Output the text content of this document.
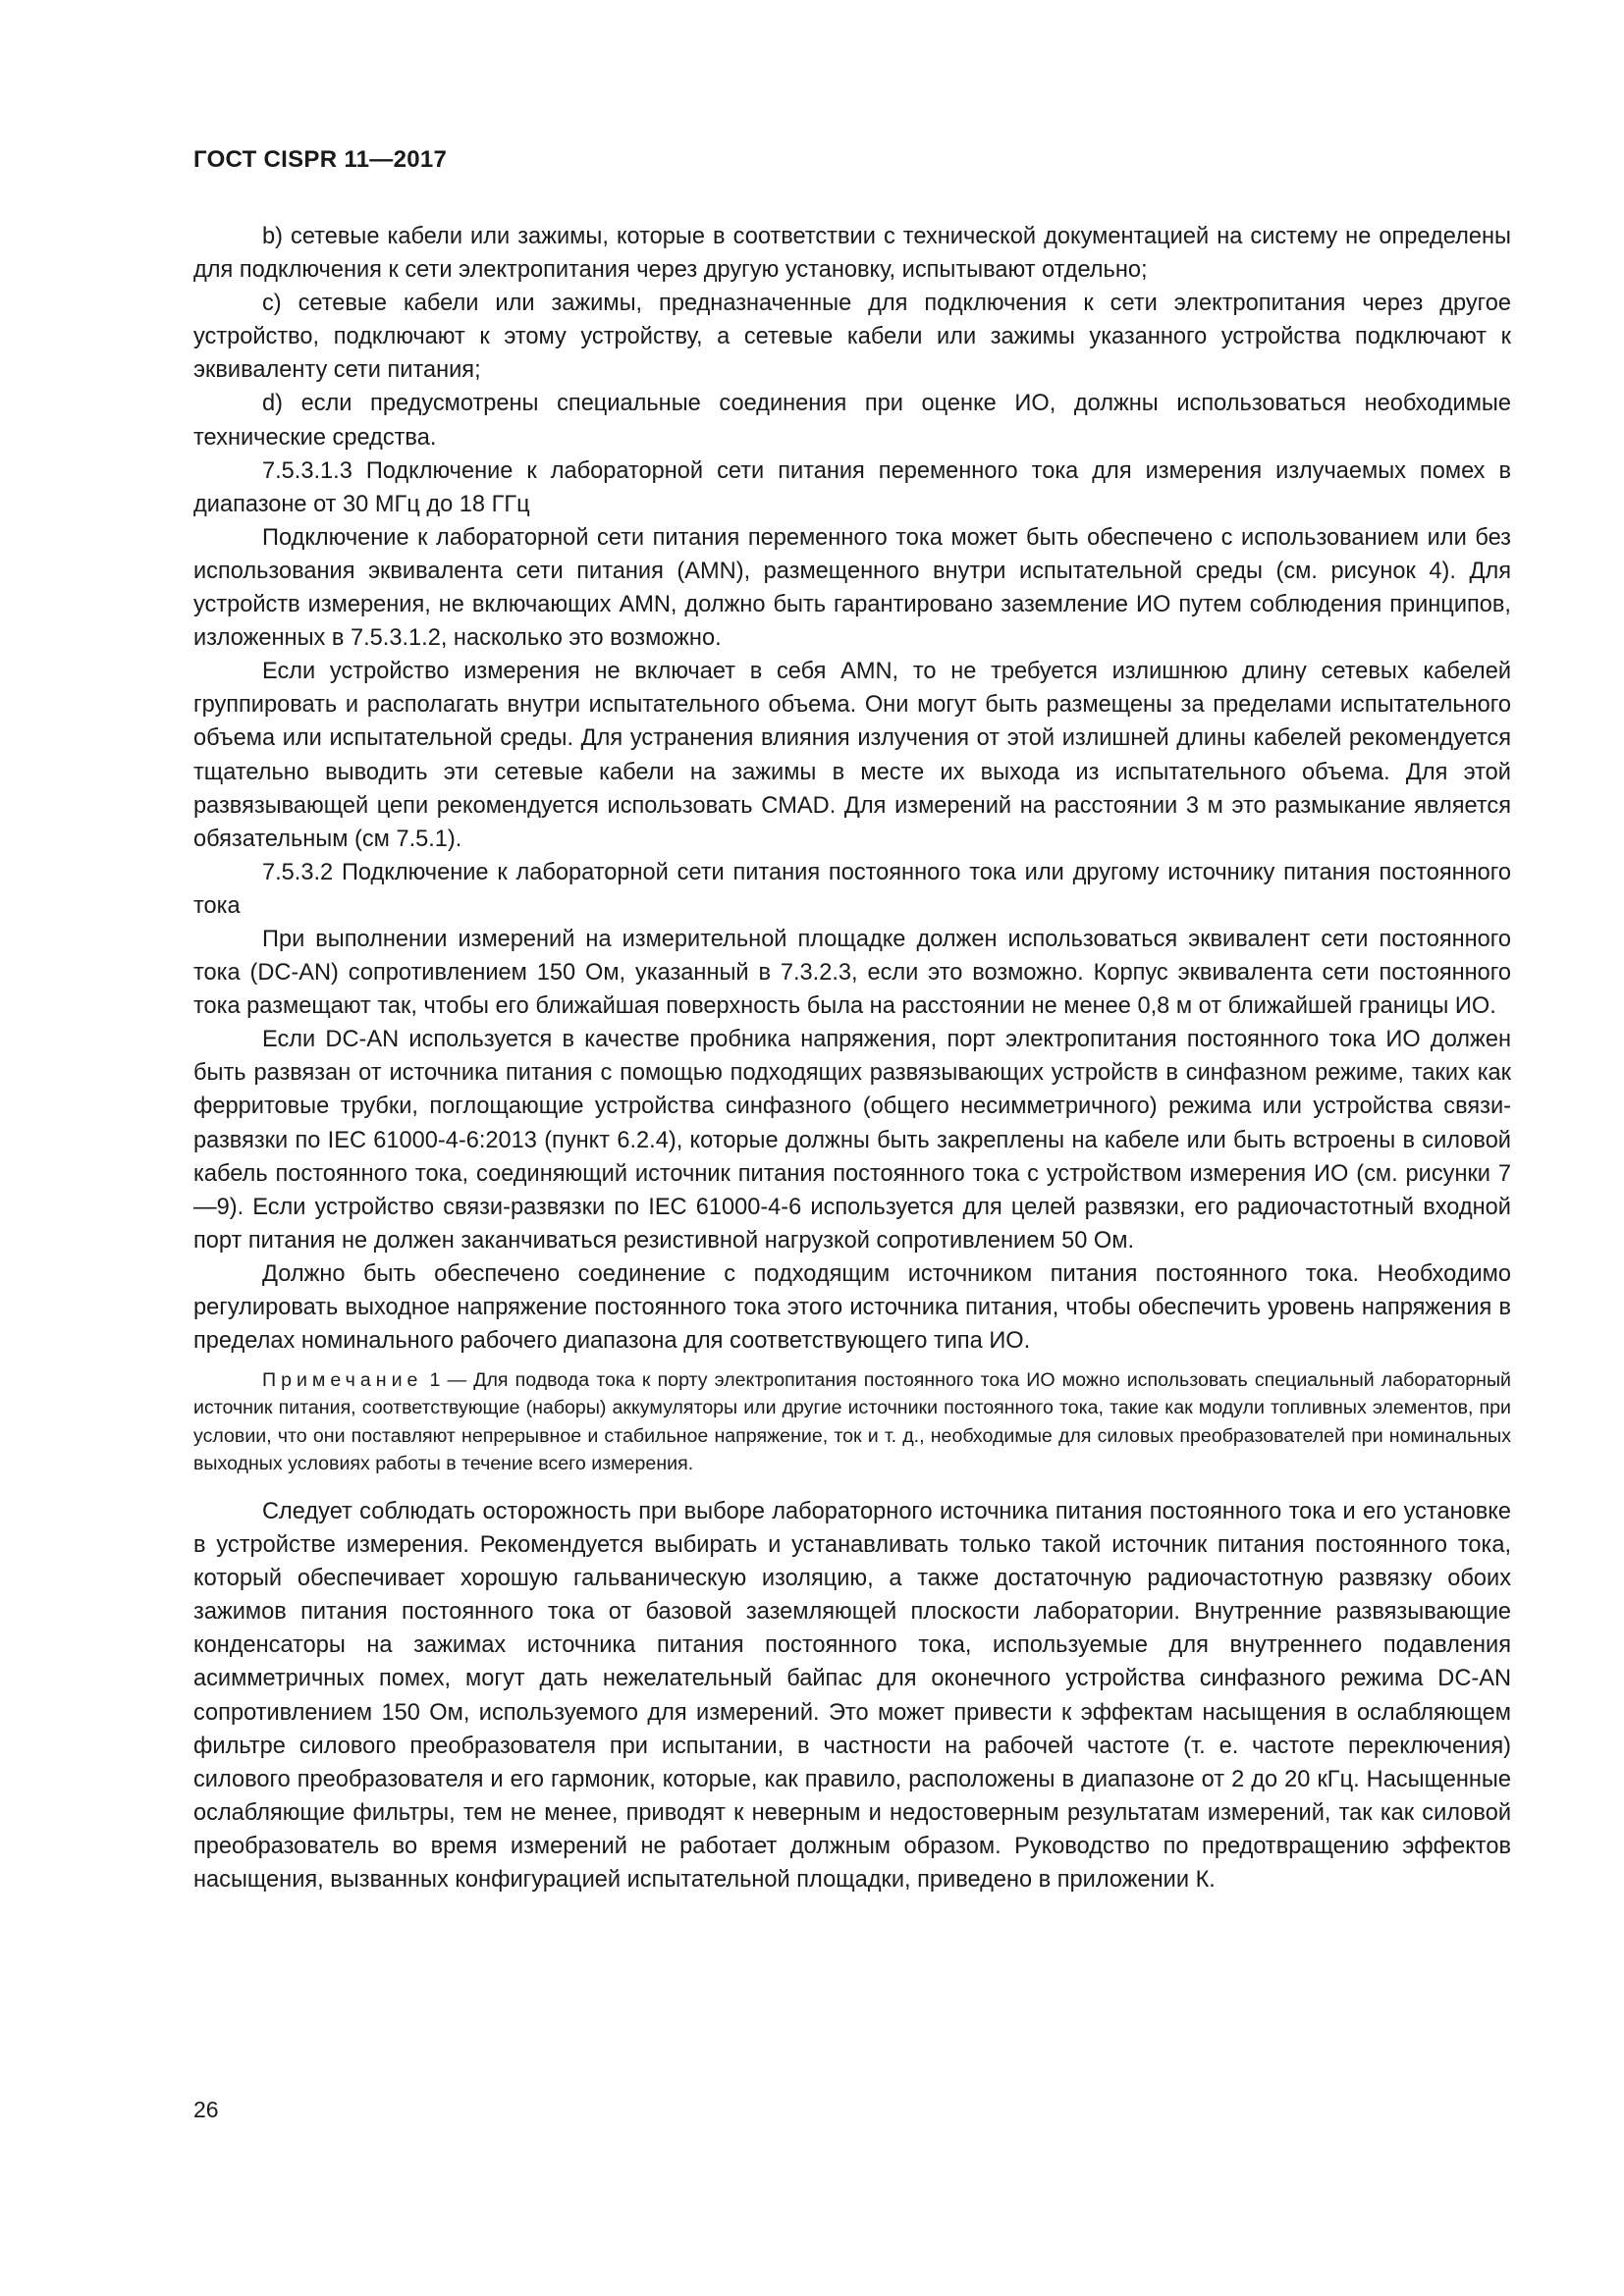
ГОСТ CISPR 11—2017

b) сетевые кабели или зажимы, которые в соответствии с технической документацией на систему не определены для подключения к сети электропитания через другую установку, испытывают отдельно;

c) сетевые кабели или зажимы, предназначенные для подключения к сети электропитания через другое устройство, подключают к этому устройству, а сетевые кабели или зажимы указанного устройства подключают к эквиваленту сети питания;

d) если предусмотрены специальные соединения при оценке ИО, должны использоваться необходимые технические средства.

7.5.3.1.3 Подключение к лабораторной сети питания переменного тока для измерения излучаемых помех в диапазоне от 30 МГц до 18 ГГц

Подключение к лабораторной сети питания переменного тока может быть обеспечено с использованием или без использования эквивалента сети питания (AMN), размещенного внутри испытательной среды (см. рисунок 4). Для устройств измерения, не включающих AMN, должно быть гарантировано заземление ИО путем соблюдения принципов, изложенных в 7.5.3.1.2, насколько это возможно.

Если устройство измерения не включает в себя AMN, то не требуется излишнюю длину сетевых кабелей группировать и располагать внутри испытательного объема. Они могут быть размещены за пределами испытательного объема или испытательной среды. Для устранения влияния излучения от этой излишней длины кабелей рекомендуется тщательно выводить эти сетевые кабели на зажимы в месте их выхода из испытательного объема. Для этой развязывающей цепи рекомендуется использовать CMAD. Для измерений на расстоянии 3 м это размыкание является обязательным (см 7.5.1).

7.5.3.2 Подключение к лабораторной сети питания постоянного тока или другому источнику питания постоянного тока

При выполнении измерений на измерительной площадке должен использоваться эквивалент сети постоянного тока (DC-AN) сопротивлением 150 Ом, указанный в 7.3.2.3, если это возможно. Корпус эквивалента сети постоянного тока размещают так, чтобы его ближайшая поверхность была на расстоянии не менее 0,8 м от ближайшей границы ИО.

Если DC-AN используется в качестве пробника напряжения, порт электропитания постоянного тока ИО должен быть развязан от источника питания с помощью подходящих развязывающих устройств в синфазном режиме, таких как ферритовые трубки, поглощающие устройства синфазного (общего несимметричного) режима или устройства связи-развязки по IEC 61000-4-6:2013 (пункт 6.2.4), которые должны быть закреплены на кабеле или быть встроены в силовой кабель постоянного тока, соединяющий источник питания постоянного тока с устройством измерения ИО (см. рисунки 7—9). Если устройство связи-развязки по IEC 61000-4-6 используется для целей развязки, его радиочастотный входной порт питания не должен заканчиваться резистивной нагрузкой сопротивлением 50 Ом.

Должно быть обеспечено соединение с подходящим источником питания постоянного тока. Необходимо регулировать выходное напряжение постоянного тока этого источника питания, чтобы обеспечить уровень напряжения в пределах номинального рабочего диапазона для соответствующего типа ИО.

Примечание 1 — Для подвода тока к порту электропитания постоянного тока ИО можно использовать специальный лабораторный источник питания, соответствующие (наборы) аккумуляторы или другие источники постоянного тока, такие как модули топливных элементов, при условии, что они поставляют непрерывное и стабильное напряжение, ток и т. д., необходимые для силовых преобразователей при номинальных выходных условиях работы в течение всего измерения.

Следует соблюдать осторожность при выборе лабораторного источника питания постоянного тока и его установке в устройстве измерения. Рекомендуется выбирать и устанавливать только такой источник питания постоянного тока, который обеспечивает хорошую гальваническую изоляцию, а также достаточную радиочастотную развязку обоих зажимов питания постоянного тока от базовой заземляющей плоскости лаборатории. Внутренние развязывающие конденсаторы на зажимах источника питания постоянного тока, используемые для внутреннего подавления асимметричных помех, могут дать нежелательный байпас для оконечного устройства синфазного режима DC-AN сопротивлением 150 Ом, используемого для измерений. Это может привести к эффектам насыщения в ослабляющем фильтре силового преобразователя при испытании, в частности на рабочей частоте (т. е. частоте переключения) силового преобразователя и его гармоник, которые, как правило, расположены в диапазоне от 2 до 20 кГц. Насыщенные ослабляющие фильтры, тем не менее, приводят к неверным и недостоверным результатам измерений, так как силовой преобразователь во время измерений не работает должным образом. Руководство по предотвращению эффектов насыщения, вызванных конфигурацией испытательной площадки, приведено в приложении К.

26
